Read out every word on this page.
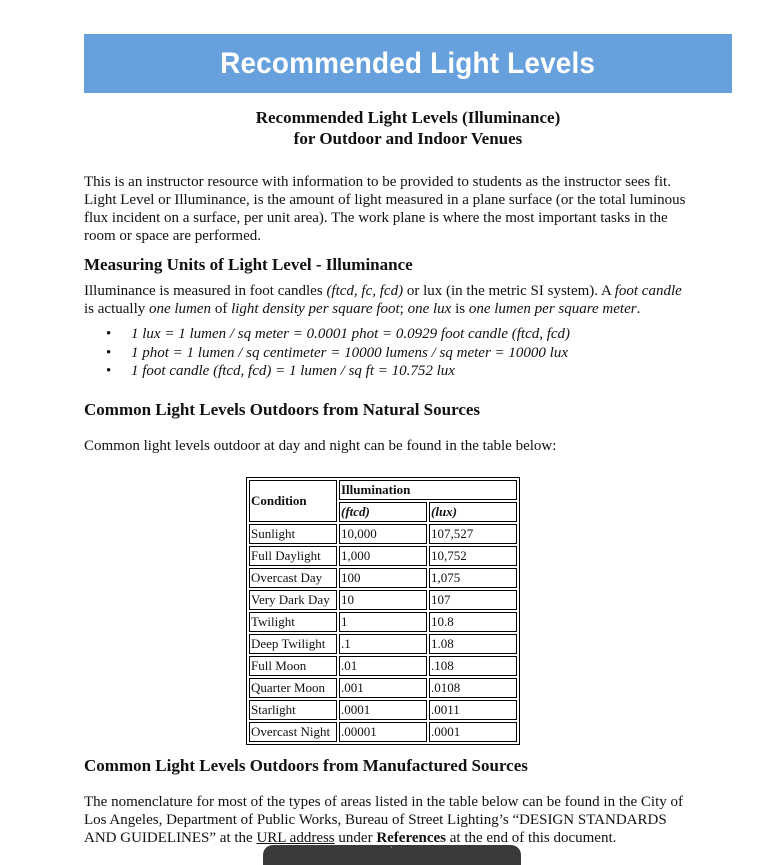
Recommended Light Levels
Recommended Light Levels (Illuminance)
for Outdoor and Indoor Venues
This is an instructor resource with information to be provided to students as the instructor sees fit.
Light Level or Illuminance, is the amount of light measured in a plane surface (or the total luminous
flux incident on a surface, per unit area). The work plane is where the most important tasks in the
room or space are performed.
Measuring Units of Light Level - Illuminance
Illuminance is measured in foot candles (ftcd, fc, fcd) or lux (in the metric SI system). A foot candle
is actually one lumen of light density per square foot; one lux is one lumen per square meter.
• 1 lux = 1 lumen / sq meter = 0.0001 phot = 0.0929 foot candle (ftcd, fcd)
• 1 phot = 1 lumen / sq centimeter = 10000 lumens / sq meter = 10000 lux
• 1 foot candle (ftcd, fcd) = 1 lumen / sq ft = 10.752 lux
Common Light Levels Outdoors from Natural Sources
Common light levels outdoor at day and night can be found in the table below:
Condition	Illumination	
	(ftcd)	(lux)
Sunlight	10,000	107,527
Full Daylight	1,000	10,752
Overcast Day	100	1,075
Very Dark Day	10	107
Twilight	1	10.8
Deep Twilight	.1	1.08
Full Moon	.01	.108
Quarter Moon	.001	.0108
Starlight	.0001	.0011
Overcast Night	.00001	.0001
Common Light Levels Outdoors from Manufactured Sources
The nomenclature for most of the types of areas listed in the table below can be found in the City of
Los Angeles, Department of Public Works, Bureau of Street Lighting’s “DESIGN STANDARDS
AND GUIDELINES” at the URL address under References at the end of this document.
